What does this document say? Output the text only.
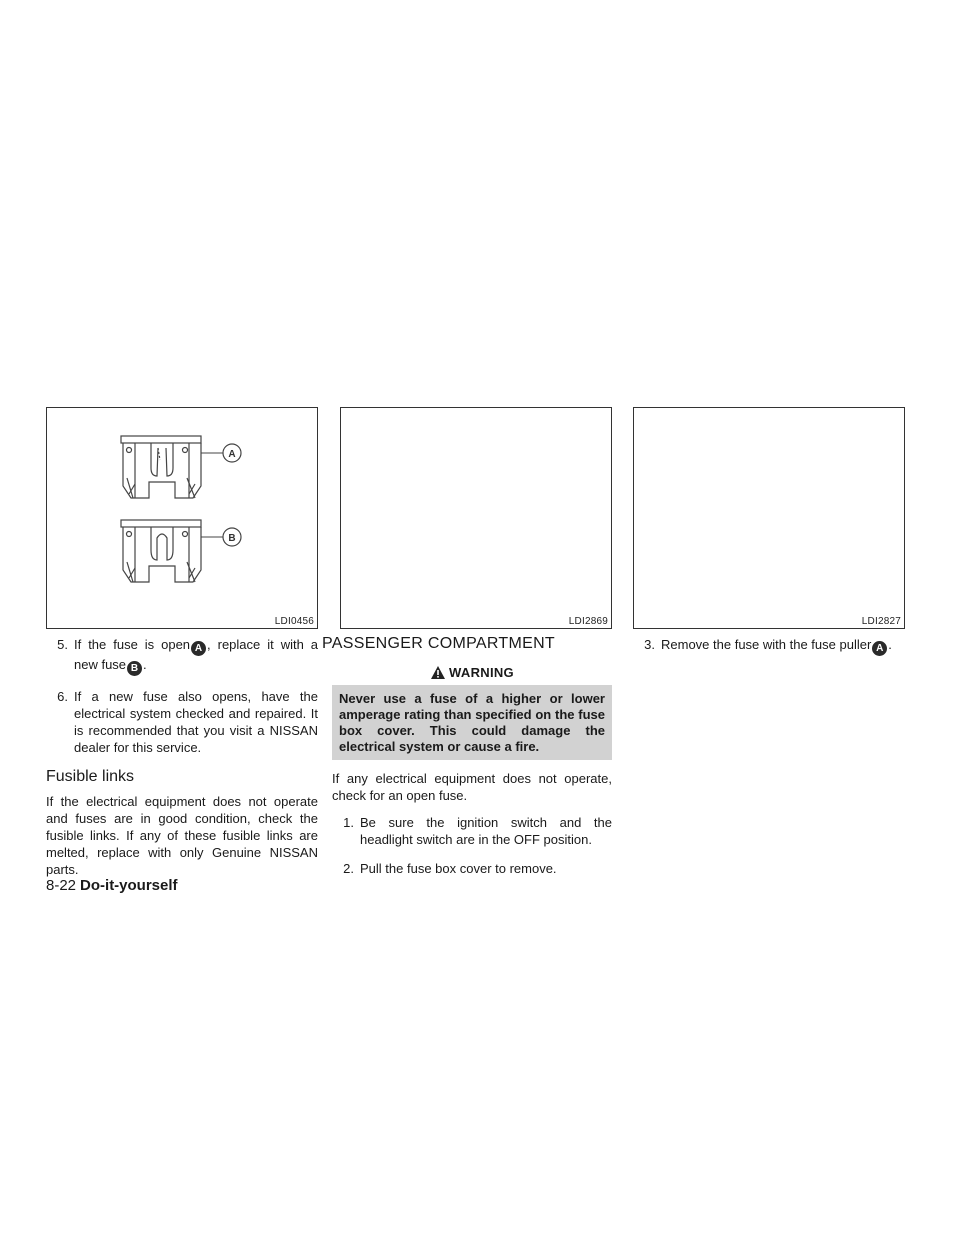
A
B
LDI0456	LDI2869	LDI2827
5. If the fuse is open A , replace it with a new fuse B .
6. If a new fuse also opens, have the electrical system checked and repaired. It is recommended that you visit a NISSAN dealer for this service.
Fusible links

If the electrical equipment does not operate and fuses are in good condition, check the fusible links. If any of these fusible links are melted, replace with only Genuine NISSAN parts.

PASSENGER COMPARTMENT
WARNING
Never use a fuse of a higher or lower amperage rating than specified on the fuse box cover. This could damage the electrical system or cause a fire.

If any electrical equipment does not operate, check for an open fuse.

1. Be sure the ignition switch and the headlight switch are in the OFF position.
2. Pull the fuse box cover to remove.
3. Remove the fuse with the fuse puller A .
8-22 Do-it-yourself
